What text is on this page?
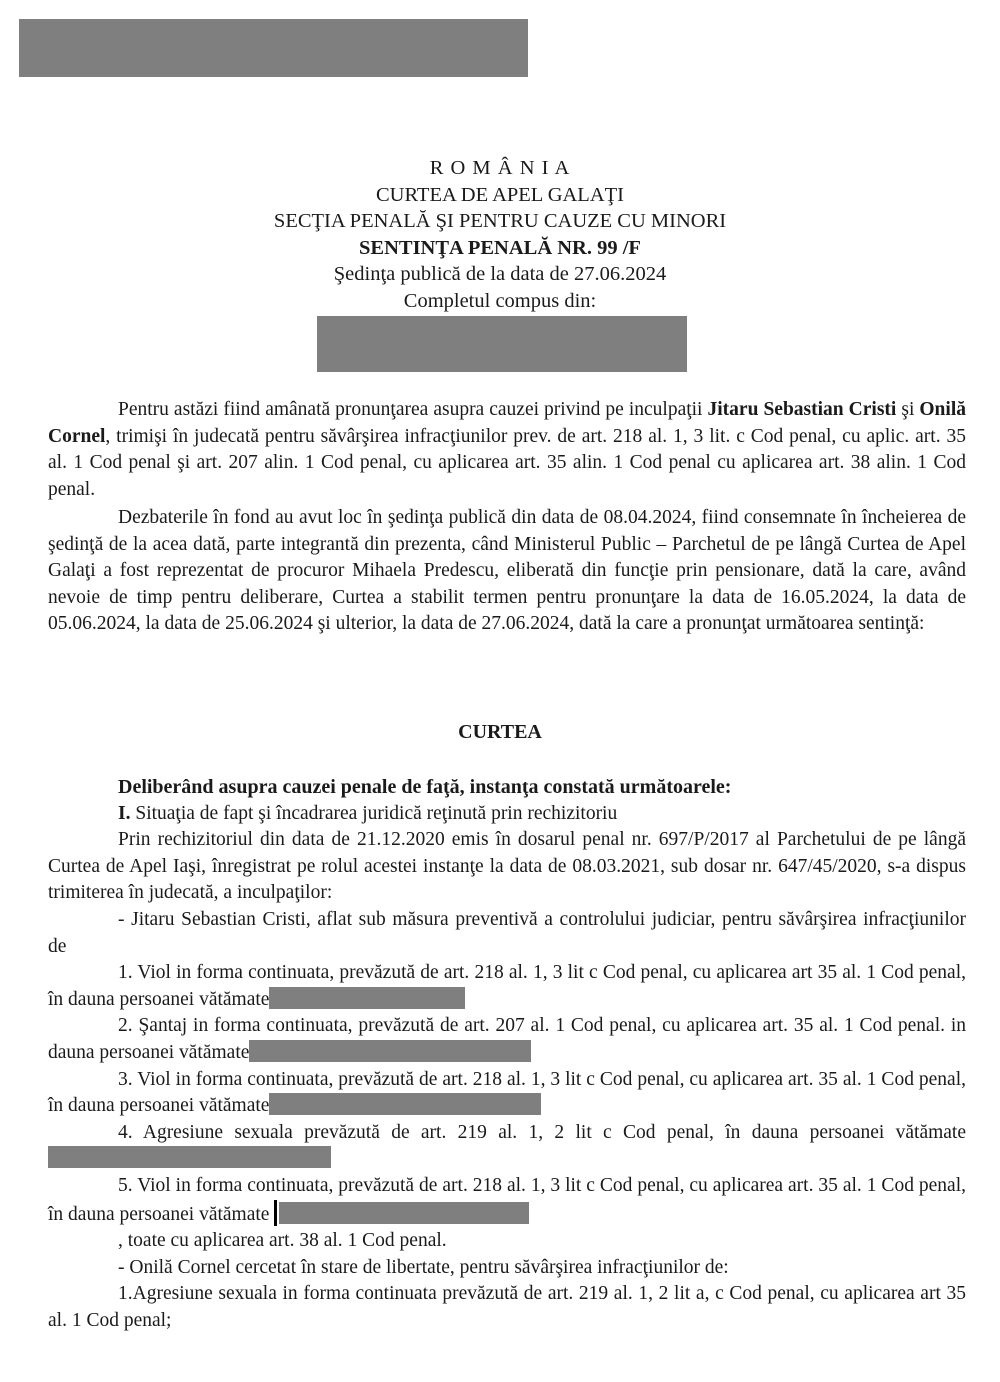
R O M Â N I A
CURTEA DE APEL GALAŢI
SECŢIA PENALĂ ŞI PENTRU CAUZE CU MINORI
SENTINŢA PENALĂ NR. 99 /F
Şedinţa publică de la data de 27.06.2024
Completul compus din:
Pentru astăzi fiind amânată pronunţarea asupra cauzei privind pe inculpaţii Jitaru Sebastian Cristi şi Onilă Cornel, trimişi în judecată pentru săvârşirea infracţiunilor prev. de art. 218 al. 1, 3 lit. c Cod penal, cu aplic. art. 35 al. 1 Cod penal şi art. 207 alin. 1 Cod penal, cu aplicarea art. 35 alin. 1 Cod penal cu aplicarea art. 38 alin. 1 Cod penal.
Dezbaterile în fond au avut loc în şedinţa publică din data de 08.04.2024, fiind consemnate în încheierea de şedinţă de la acea dată, parte integrantă din prezenta, când Ministerul Public – Parchetul de pe lângă Curtea de Apel Galaţi a fost reprezentat de procuror Mihaela Predescu, eliberată din funcţie prin pensionare, dată la care, având nevoie de timp pentru deliberare, Curtea a stabilit termen pentru pronunţare la data de 16.05.2024, la data de 05.06.2024, la data de 25.06.2024 şi ulterior, la data de 27.06.2024, dată la care a pronunţat următoarea sentinţă:
CURTEA
Deliberând asupra cauzei penale de faţă, instanţa constată următoarele:
I. Situaţia de fapt şi încadrarea juridică reţinută prin rechizitoriu
Prin rechizitoriul din data de 21.12.2020 emis în dosarul penal nr. 697/P/2017 al Parchetului de pe lângă Curtea de Apel Iaşi, înregistrat pe rolul acestei instanţe la data de 08.03.2021, sub dosar nr. 647/45/2020, s-a dispus trimiterea în judecată, a inculpaţilor:
- Jitaru Sebastian Cristi, aflat sub măsura preventivă a controlului judiciar, pentru săvârşirea infracţiunilor de
1. Viol in forma continuata, prevăzută de art. 218 al. 1, 3 lit c Cod penal, cu aplicarea art 35 al. 1 Cod penal, în dauna persoanei vătămate
2. Şantaj in forma continuata, prevăzută de art. 207 al. 1 Cod penal, cu aplicarea art. 35 al. 1 Cod penal. in dauna persoanei vătămate
3. Viol in forma continuata, prevăzută de art. 218 al. 1, 3 lit c Cod penal, cu aplicarea art. 35 al. 1 Cod penal, în dauna persoanei vătămate
4. Agresiune sexuala prevăzută de art. 219 al. 1, 2 lit c Cod penal, în dauna persoanei vătămate
5. Viol in forma continuata, prevăzută de art. 218 al. 1, 3 lit c Cod penal, cu aplicarea art. 35 al. 1 Cod penal, în dauna persoanei vătămate
, toate cu aplicarea art. 38 al. 1 Cod penal.
- Onilă Cornel cercetat în stare de libertate, pentru săvârşirea infracţiunilor de:
1.Agresiune sexuala in forma continuata prevăzută de art. 219 al. 1, 2 lit a, c Cod penal, cu aplicarea art 35 al. 1 Cod penal;
